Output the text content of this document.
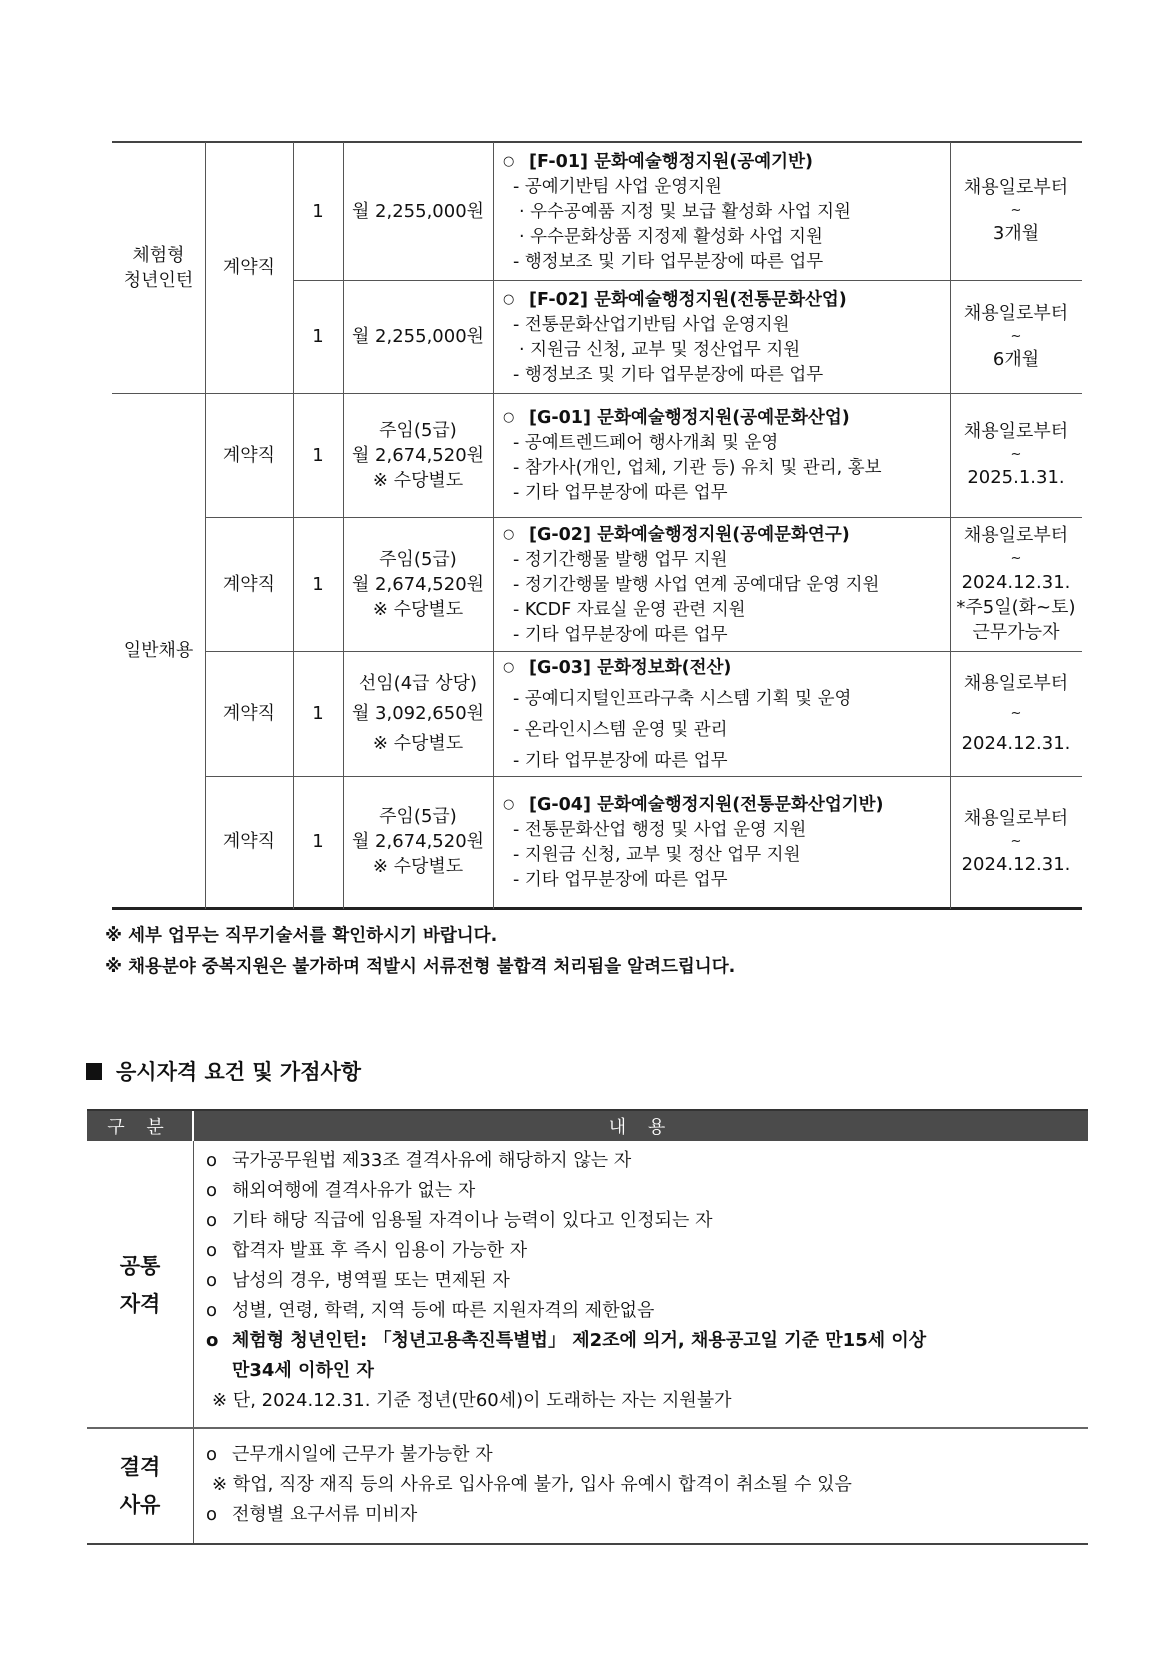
체험형
청년인턴
일반채용
계약직
1 월 2,255,000원
○ [F-01] 문화예술행정지원(공예기반)
- 공예기반팀 사업 운영지원
· 우수공예품 지정 및 보급 활성화 사업 지원
· 우수문화상품 지정제 활성화 사업 지원
- 행정보조 및 기타 업무분장에 따른 업무
채용일로부터
~
3개월
1 월 2,255,000원
○ [F-02] 문화예술행정지원(전통문화산업)
- 전통문화산업기반팀 사업 운영지원
· 지원금 신청, 교부 및 정산업무 지원
- 행정보조 및 기타 업무분장에 따른 업무
채용일로부터
~
6개월
계약직 1
주임(5급)
월 2,674,520원
※ 수당별도
○ [G-01] 문화예술행정지원(공예문화산업)
- 공예트렌드페어 행사개최 및 운영
- 참가사(개인, 업체, 기관 등) 유치 및 관리, 홍보
- 기타 업무분장에 따른 업무
채용일로부터
~
2025.1.31.
계약직 1
주임(5급)
월 2,674,520원
※ 수당별도
○ [G-02] 문화예술행정지원(공예문화연구)
- 정기간행물 발행 업무 지원
- 정기간행물 발행 사업 연계 공예대담 운영 지원
- KCDF 자료실 운영 관련 지원
- 기타 업무분장에 따른 업무
채용일로부터
~
2024.12.31.
*주5일(화~토)
근무가능자
계약직 1
선임(4급 상당)
월 3,092,650원
※ 수당별도
○ [G-03] 문화정보화(전산)
- 공예디지털인프라구축 시스템 기획 및 운영
- 온라인시스템 운영 및 관리
- 기타 업무분장에 따른 업무
채용일로부터
~
2024.12.31.
계약직 1
주임(5급)
월 2,674,520원
※ 수당별도
○ [G-04] 문화예술행정지원(전통문화산업기반)
- 전통문화산업 행정 및 사업 운영 지원
- 지원금 신청, 교부 및 정산 업무 지원
- 기타 업무분장에 따른 업무
채용일로부터
~
2024.12.31.
※ 세부 업무는 직무기술서를 확인하시기 바랍니다.
※ 채용분야 중복지원은 불가하며 적발시 서류전형 불합격 처리됨을 알려드립니다.
응시자격 요건 및 가점사항
구 분	내 용
공통
자격
o 국가공무원법 제33조 결격사유에 해당하지 않는 자
o 해외여행에 결격사유가 없는 자
o 기타 해당 직급에 임용될 자격이나 능력이 있다고 인정되는 자
o 합격자 발표 후 즉시 임용이 가능한 자
o 남성의 경우, 병역필 또는 면제된 자
o 성별, 연령, 학력, 지역 등에 따른 지원자격의 제한없음
o 체험형 청년인턴: 「청년고용촉진특별법」 제2조에 의거, 채용공고일 기준 만15세 이상
만34세 이하인 자
※ 단, 2024.12.31. 기준 정년(만60세)이 도래하는 자는 지원불가
결격
사유
o 근무개시일에 근무가 불가능한 자
※ 학업, 직장 재직 등의 사유로 입사유예 불가, 입사 유예시 합격이 취소될 수 있음
o 전형별 요구서류 미비자
